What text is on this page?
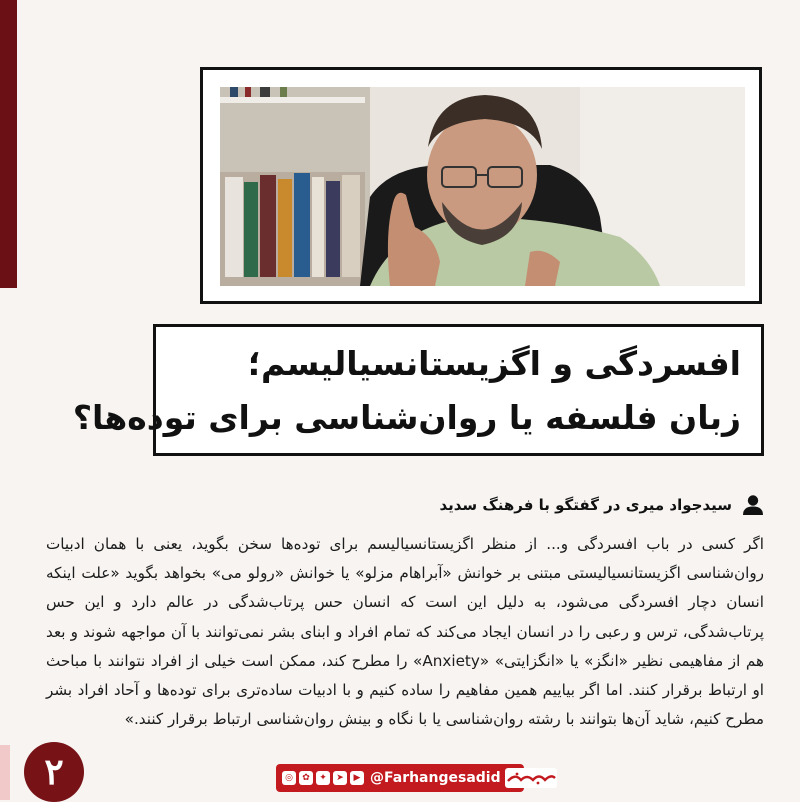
افسردگی و اگزیستانسیالیسم؛
زبان فلسفه یا روان‌شناسی برای توده‌ها؟
سیدجواد میری در گفتگو با فرهنگ سدید
اگر کسی در باب افسردگی و... از منظر اگزیستانسیالیسم برای توده‌ها سخن بگوید، یعنی با همان ادبیات روان‌شناسی اگزیستانسیالیستی مبتنی بر خوانش «آبراهام مزلو» یا خوانش «رولو می» بخواهد بگوید «علت اینکه انسان دچار افسردگی می‌شود، به دلیل این است که انسان حس پرتاب‌شدگی در عالم دارد و این حس پرتاب‌شدگی، ترس و رعبی را در انسان ایجاد می‌کند که تمام افراد و ابنای بشر نمی‌توانند با آن مواجهه شوند و بعد هم از مفاهیمی نظیر «انگز» یا «انگزایتی» «Anxiety» را مطرح کند، ممکن است خیلی از افراد نتوانند با مباحث او ارتباط برقرار کنند. اما اگر بیاییم همین مفاهیم را ساده کنیم و با ادبیات ساده‌تری برای توده‌ها و آحاد افراد بشر مطرح کنیم، شاید آن‌ها بتوانند با رشته روان‌شناسی یا با نگاه و بینش روان‌شناسی ارتباط برقرار کنند.»
۲	◎	✿	✦	➤	▶ @Farhangesadid
